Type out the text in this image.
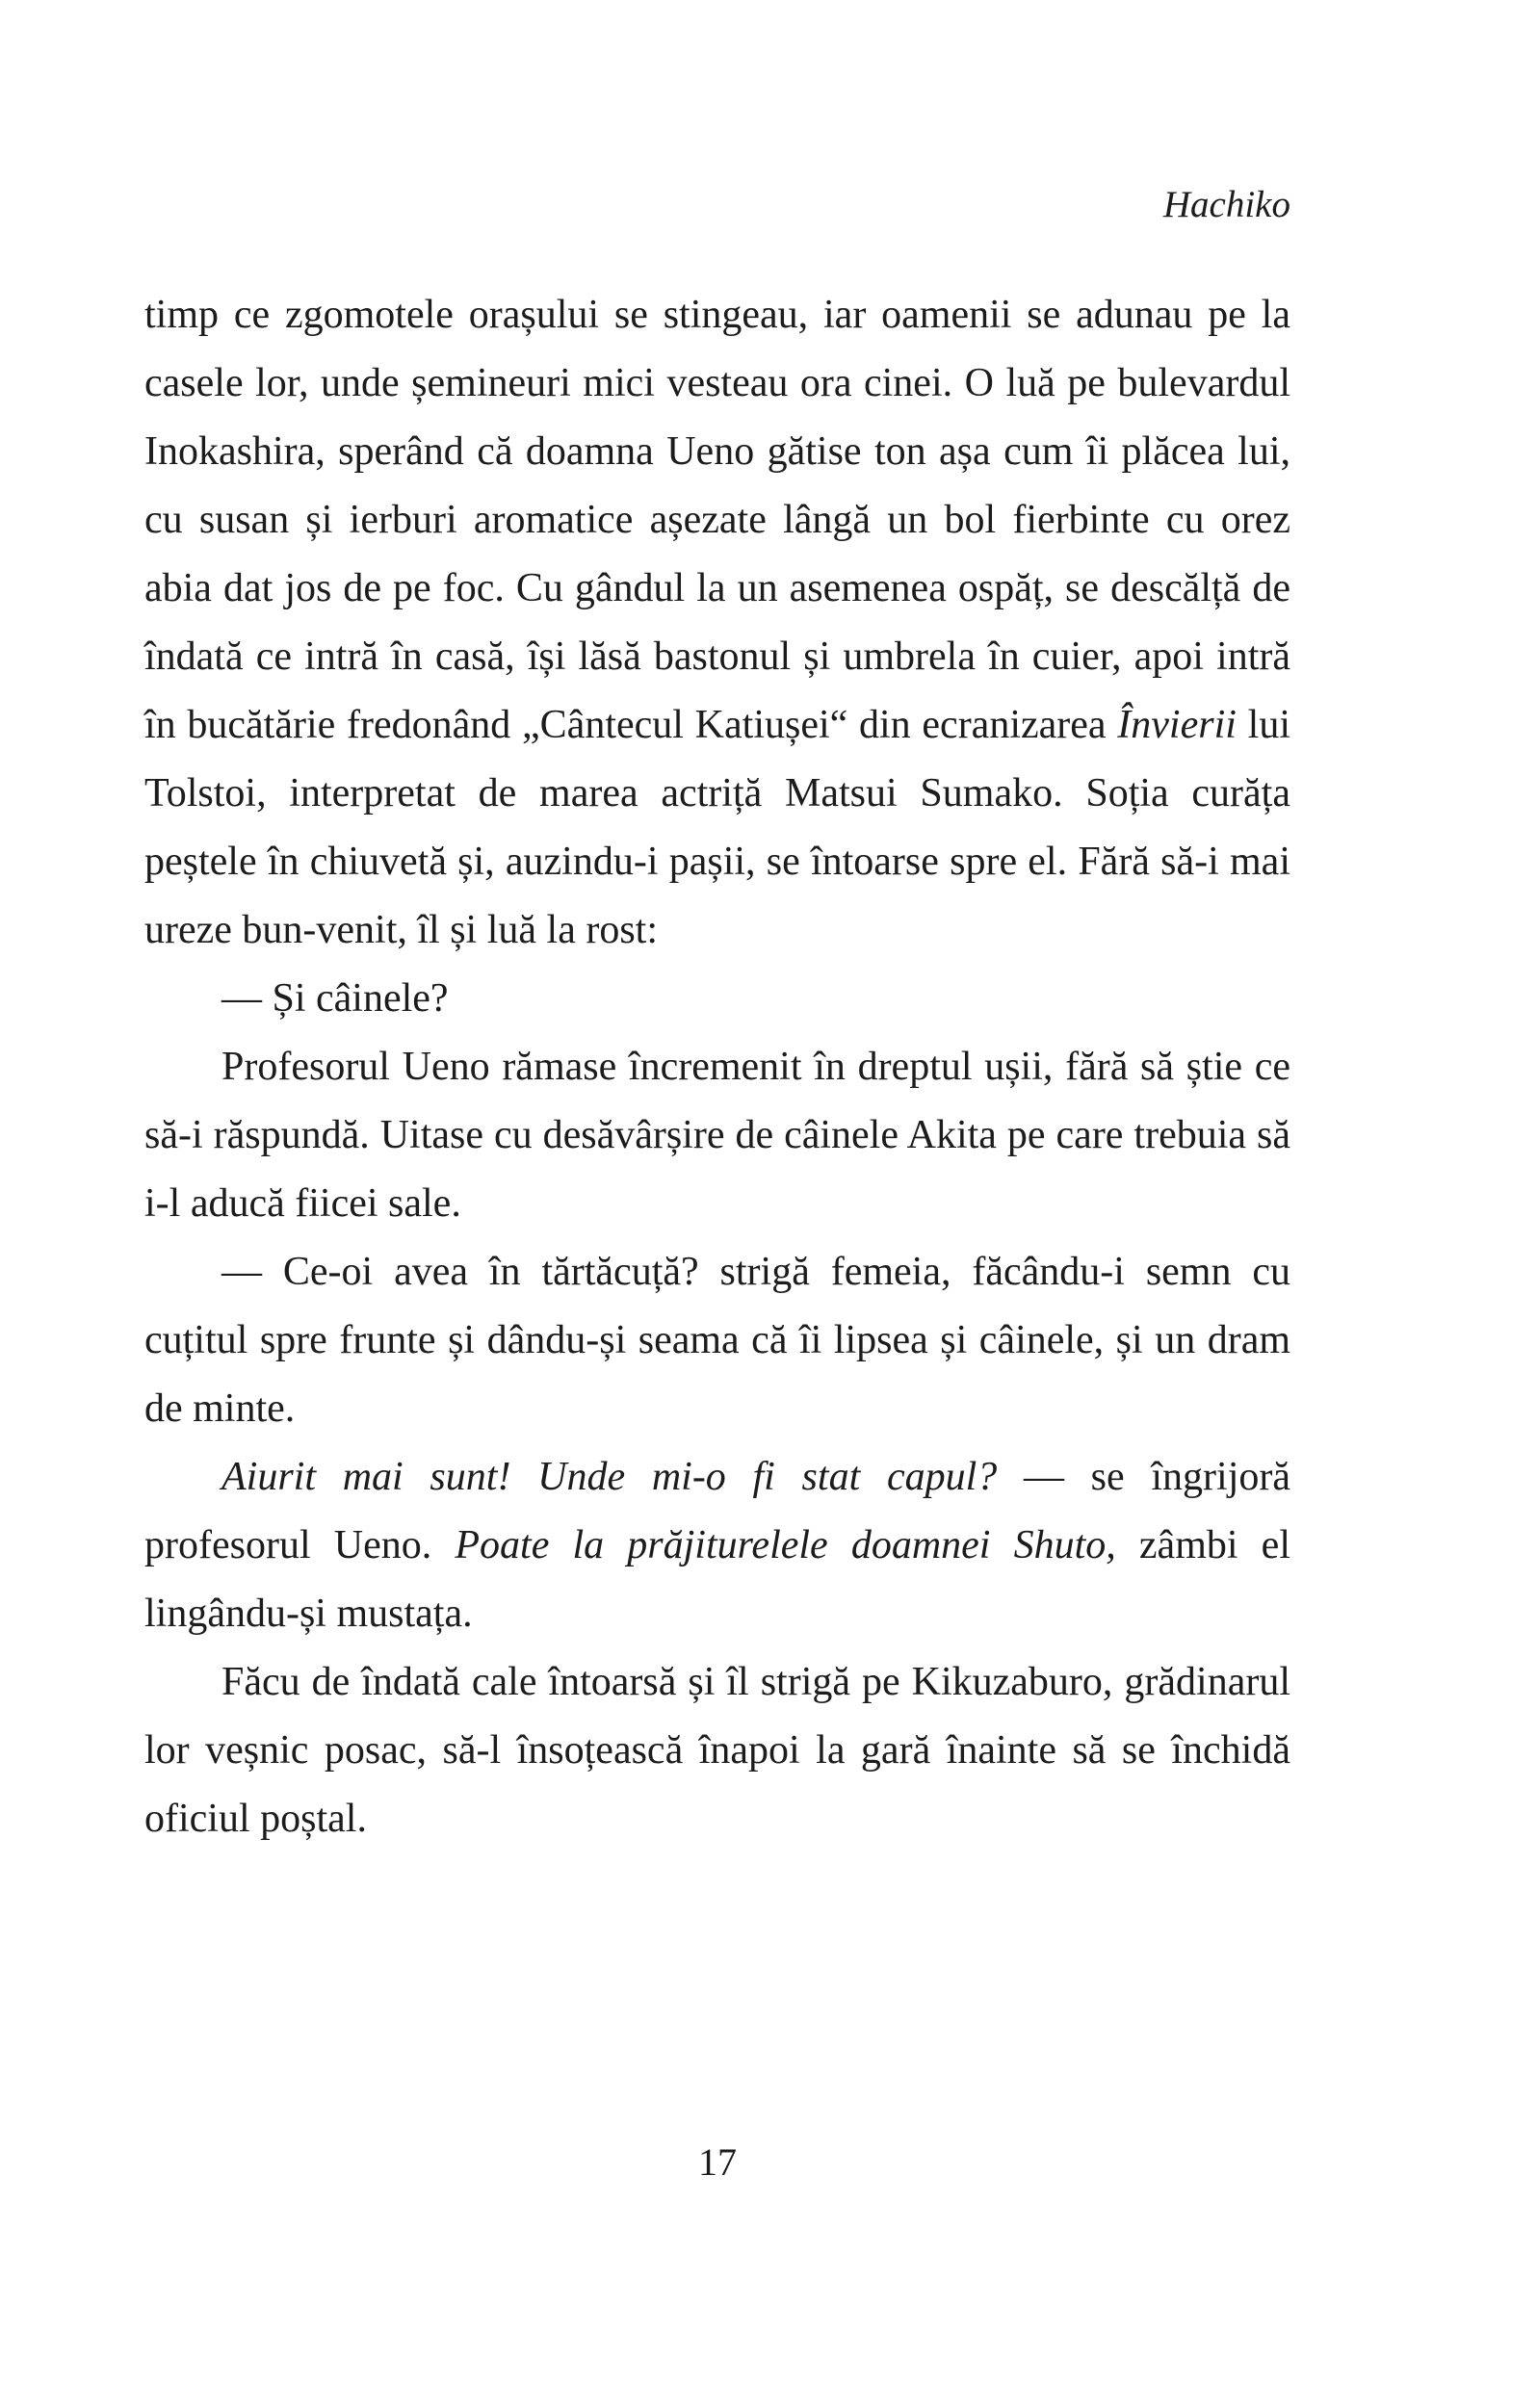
Hachiko

timp ce zgomotele orașului se stingeau, iar oamenii se adunau pe la casele lor, unde șemineuri mici vesteau ora cinei. O luă pe bulevardul Inokashira, sperând că doamna Ueno gătise ton așa cum îi plăcea lui, cu susan și ierburi aromatice așezate lângă un bol fierbinte cu orez abia dat jos de pe foc. Cu gândul la un asemenea ospăț, se descălță de îndată ce intră în casă, își lăsă bastonul și umbrela în cuier, apoi intră în bucătărie fredonând „Cântecul Katiușei“ din ecranizarea Învierii lui Tolstoi, interpretat de marea actriță Matsui Sumako. Soția curăța peștele în chiuvetă și, auzindu-i pașii, se întoarse spre el. Fără să-i mai ureze bun-venit, îl și luă la rost:

— Și câinele?

Profesorul Ueno rămase încremenit în dreptul ușii, fără să știe ce să-i răspundă. Uitase cu desăvârșire de câinele Akita pe care trebuia să i-l aducă fiicei sale.

— Ce-oi avea în tărtăcuță? strigă femeia, făcându-i semn cu cuțitul spre frunte și dându-și seama că îi lipsea și câinele, și un dram de minte.

Aiurit mai sunt! Unde mi-o fi stat capul? — se îngrijoră profesorul Ueno. Poate la prăjiturelele doamnei Shuto, zâmbi el lingându-și mustața.

Făcu de îndată cale întoarsă și îl strigă pe Kikuzaburo, grădinarul lor veșnic posac, să-l însoțească înapoi la gară înainte să se închidă oficiul poștal.

17
